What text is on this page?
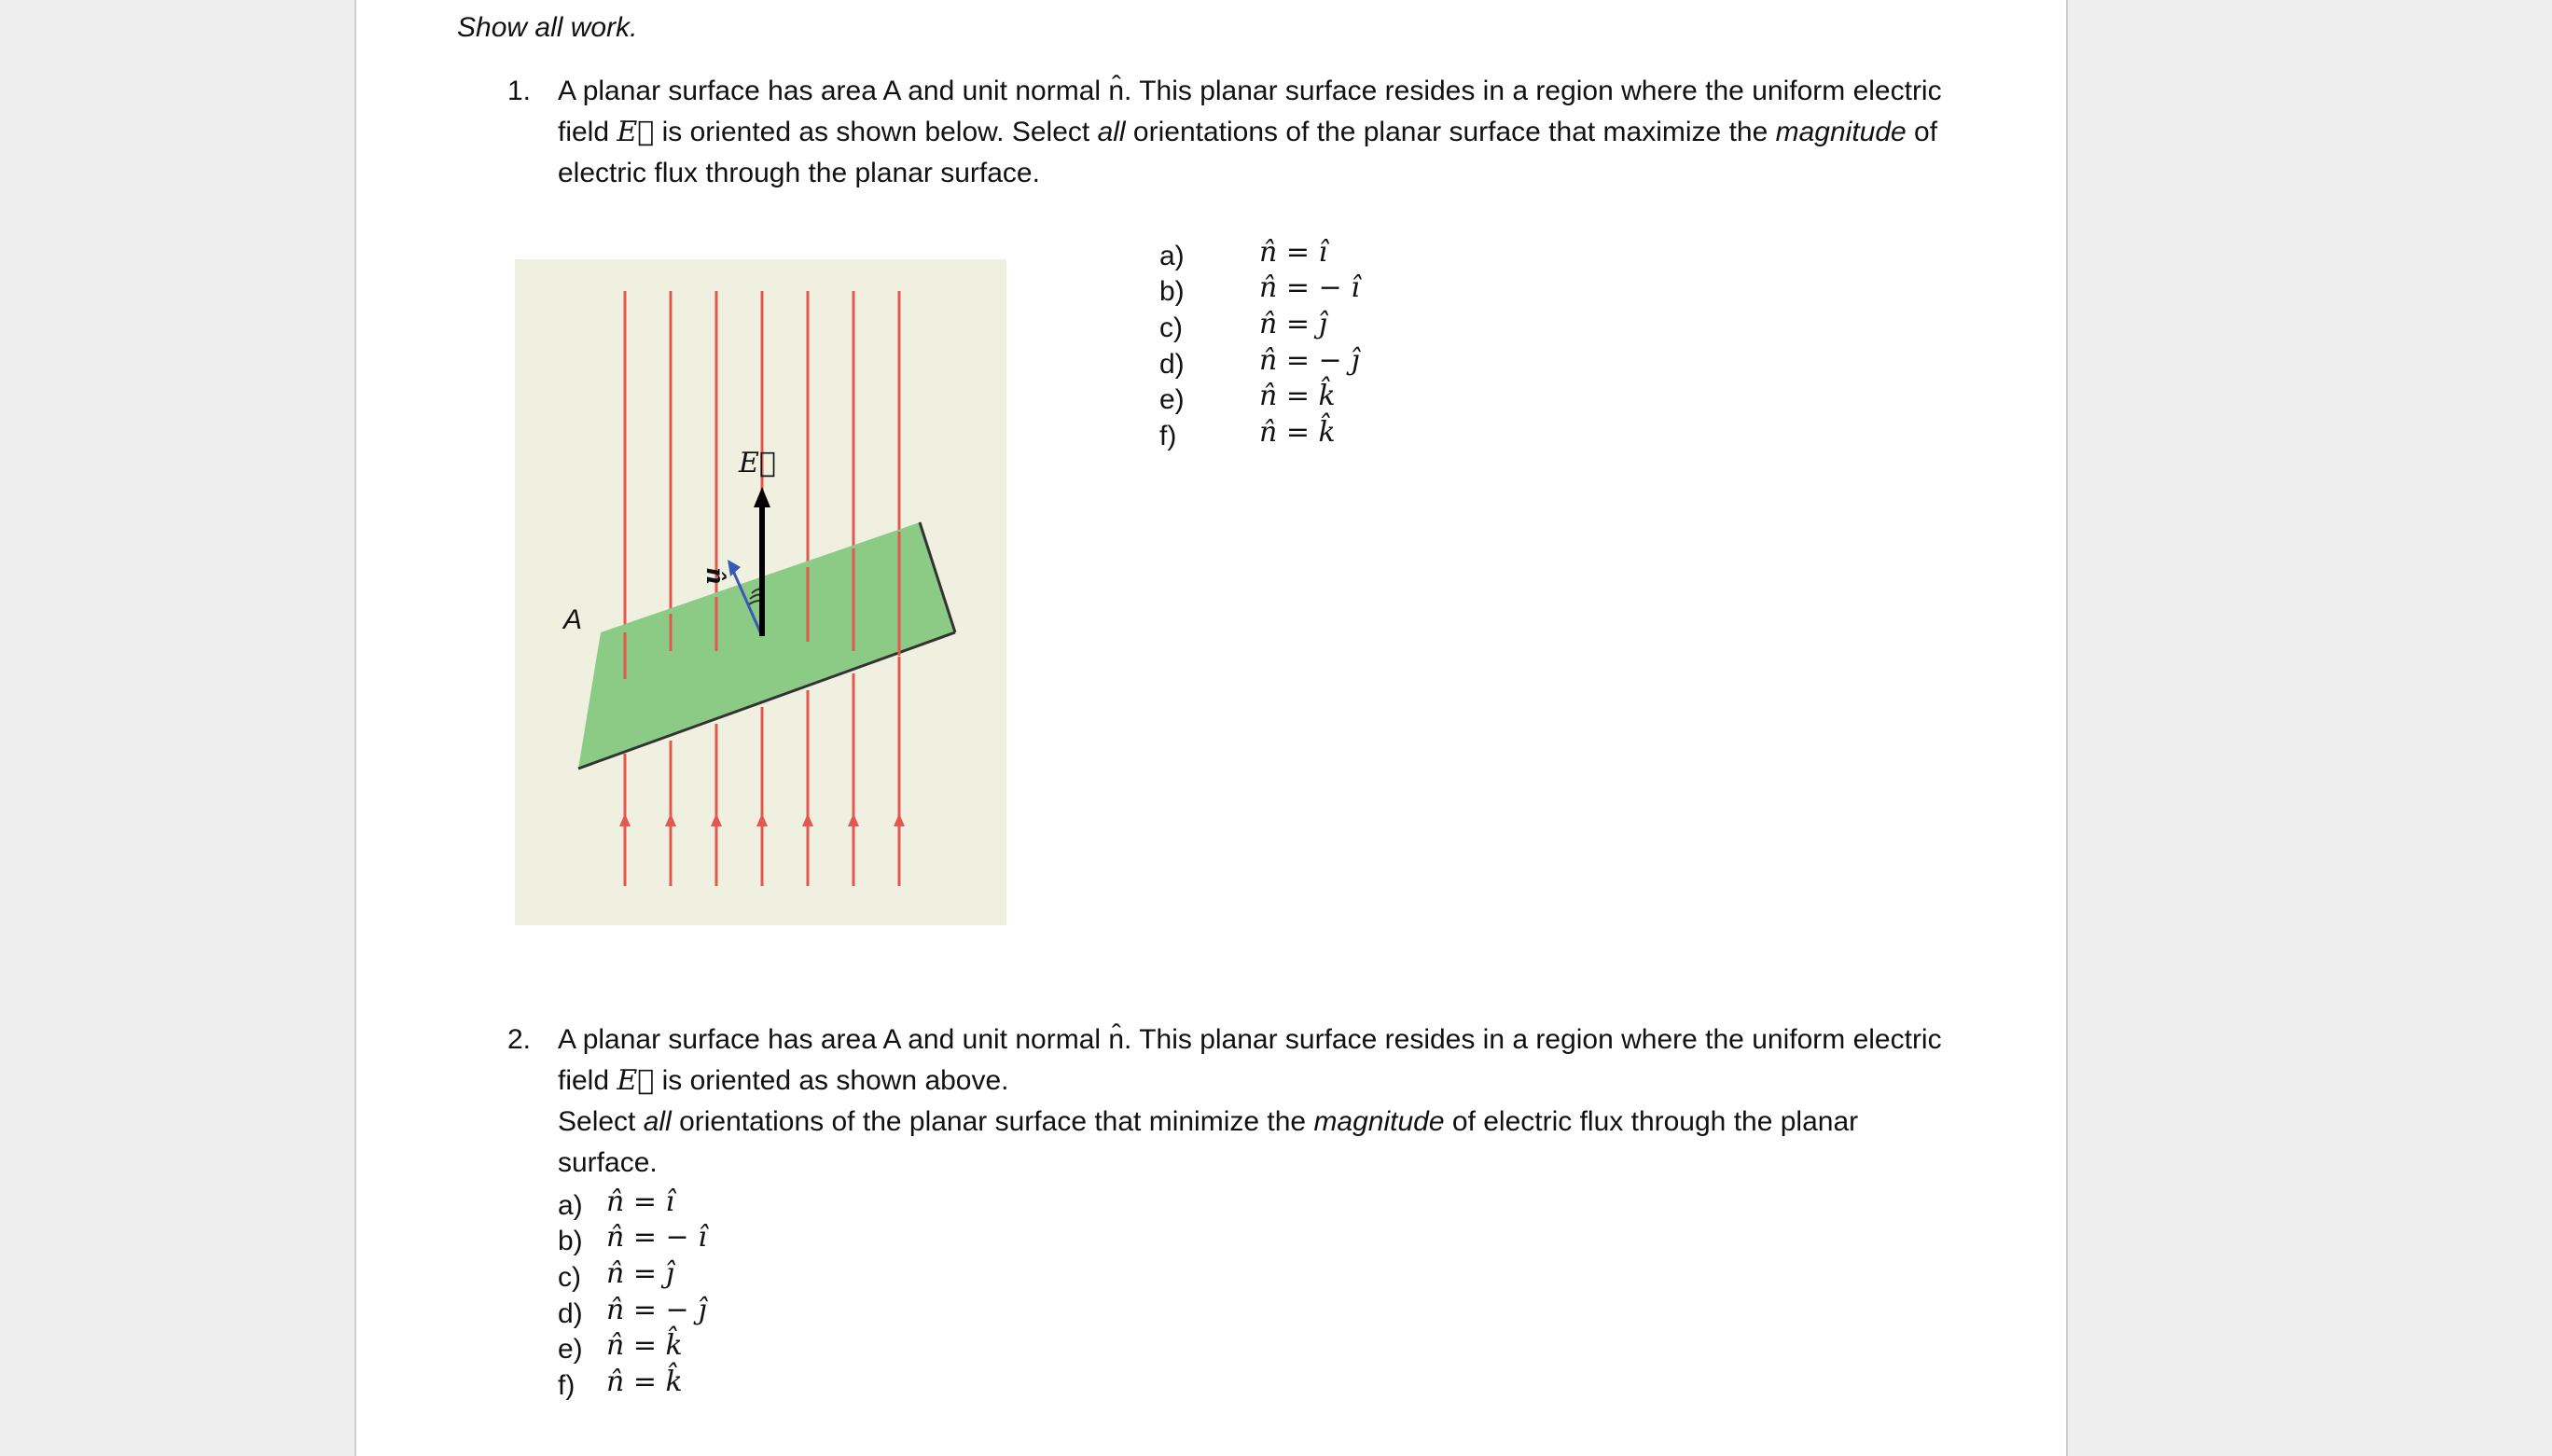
Show all work.
1. A planar surface has area A and unit normal n̂. This planar surface resides in a region where the uniform electric
field E⃗ is oriented as shown below. Select all orientations of the planar surface that maximize the magnitude of
electric flux through the planar surface.
a)	n̂ = î
b)	n̂ = − î
c)	n̂ = ĵ
d)	n̂ = − ĵ
e)	n̂ = k̂
f)	n̂ = k̂
A
E⃗
n̂
2. A planar surface has area A and unit normal n̂. This planar surface resides in a region where the uniform electric
field E⃗ is oriented as shown above.
Select all orientations of the planar surface that minimize the magnitude of electric flux through the planar
surface.
a) n̂ = î
b) n̂ = − î
c) n̂ = ĵ
d) n̂ = − ĵ
e) n̂ = k̂
f) n̂ = k̂
